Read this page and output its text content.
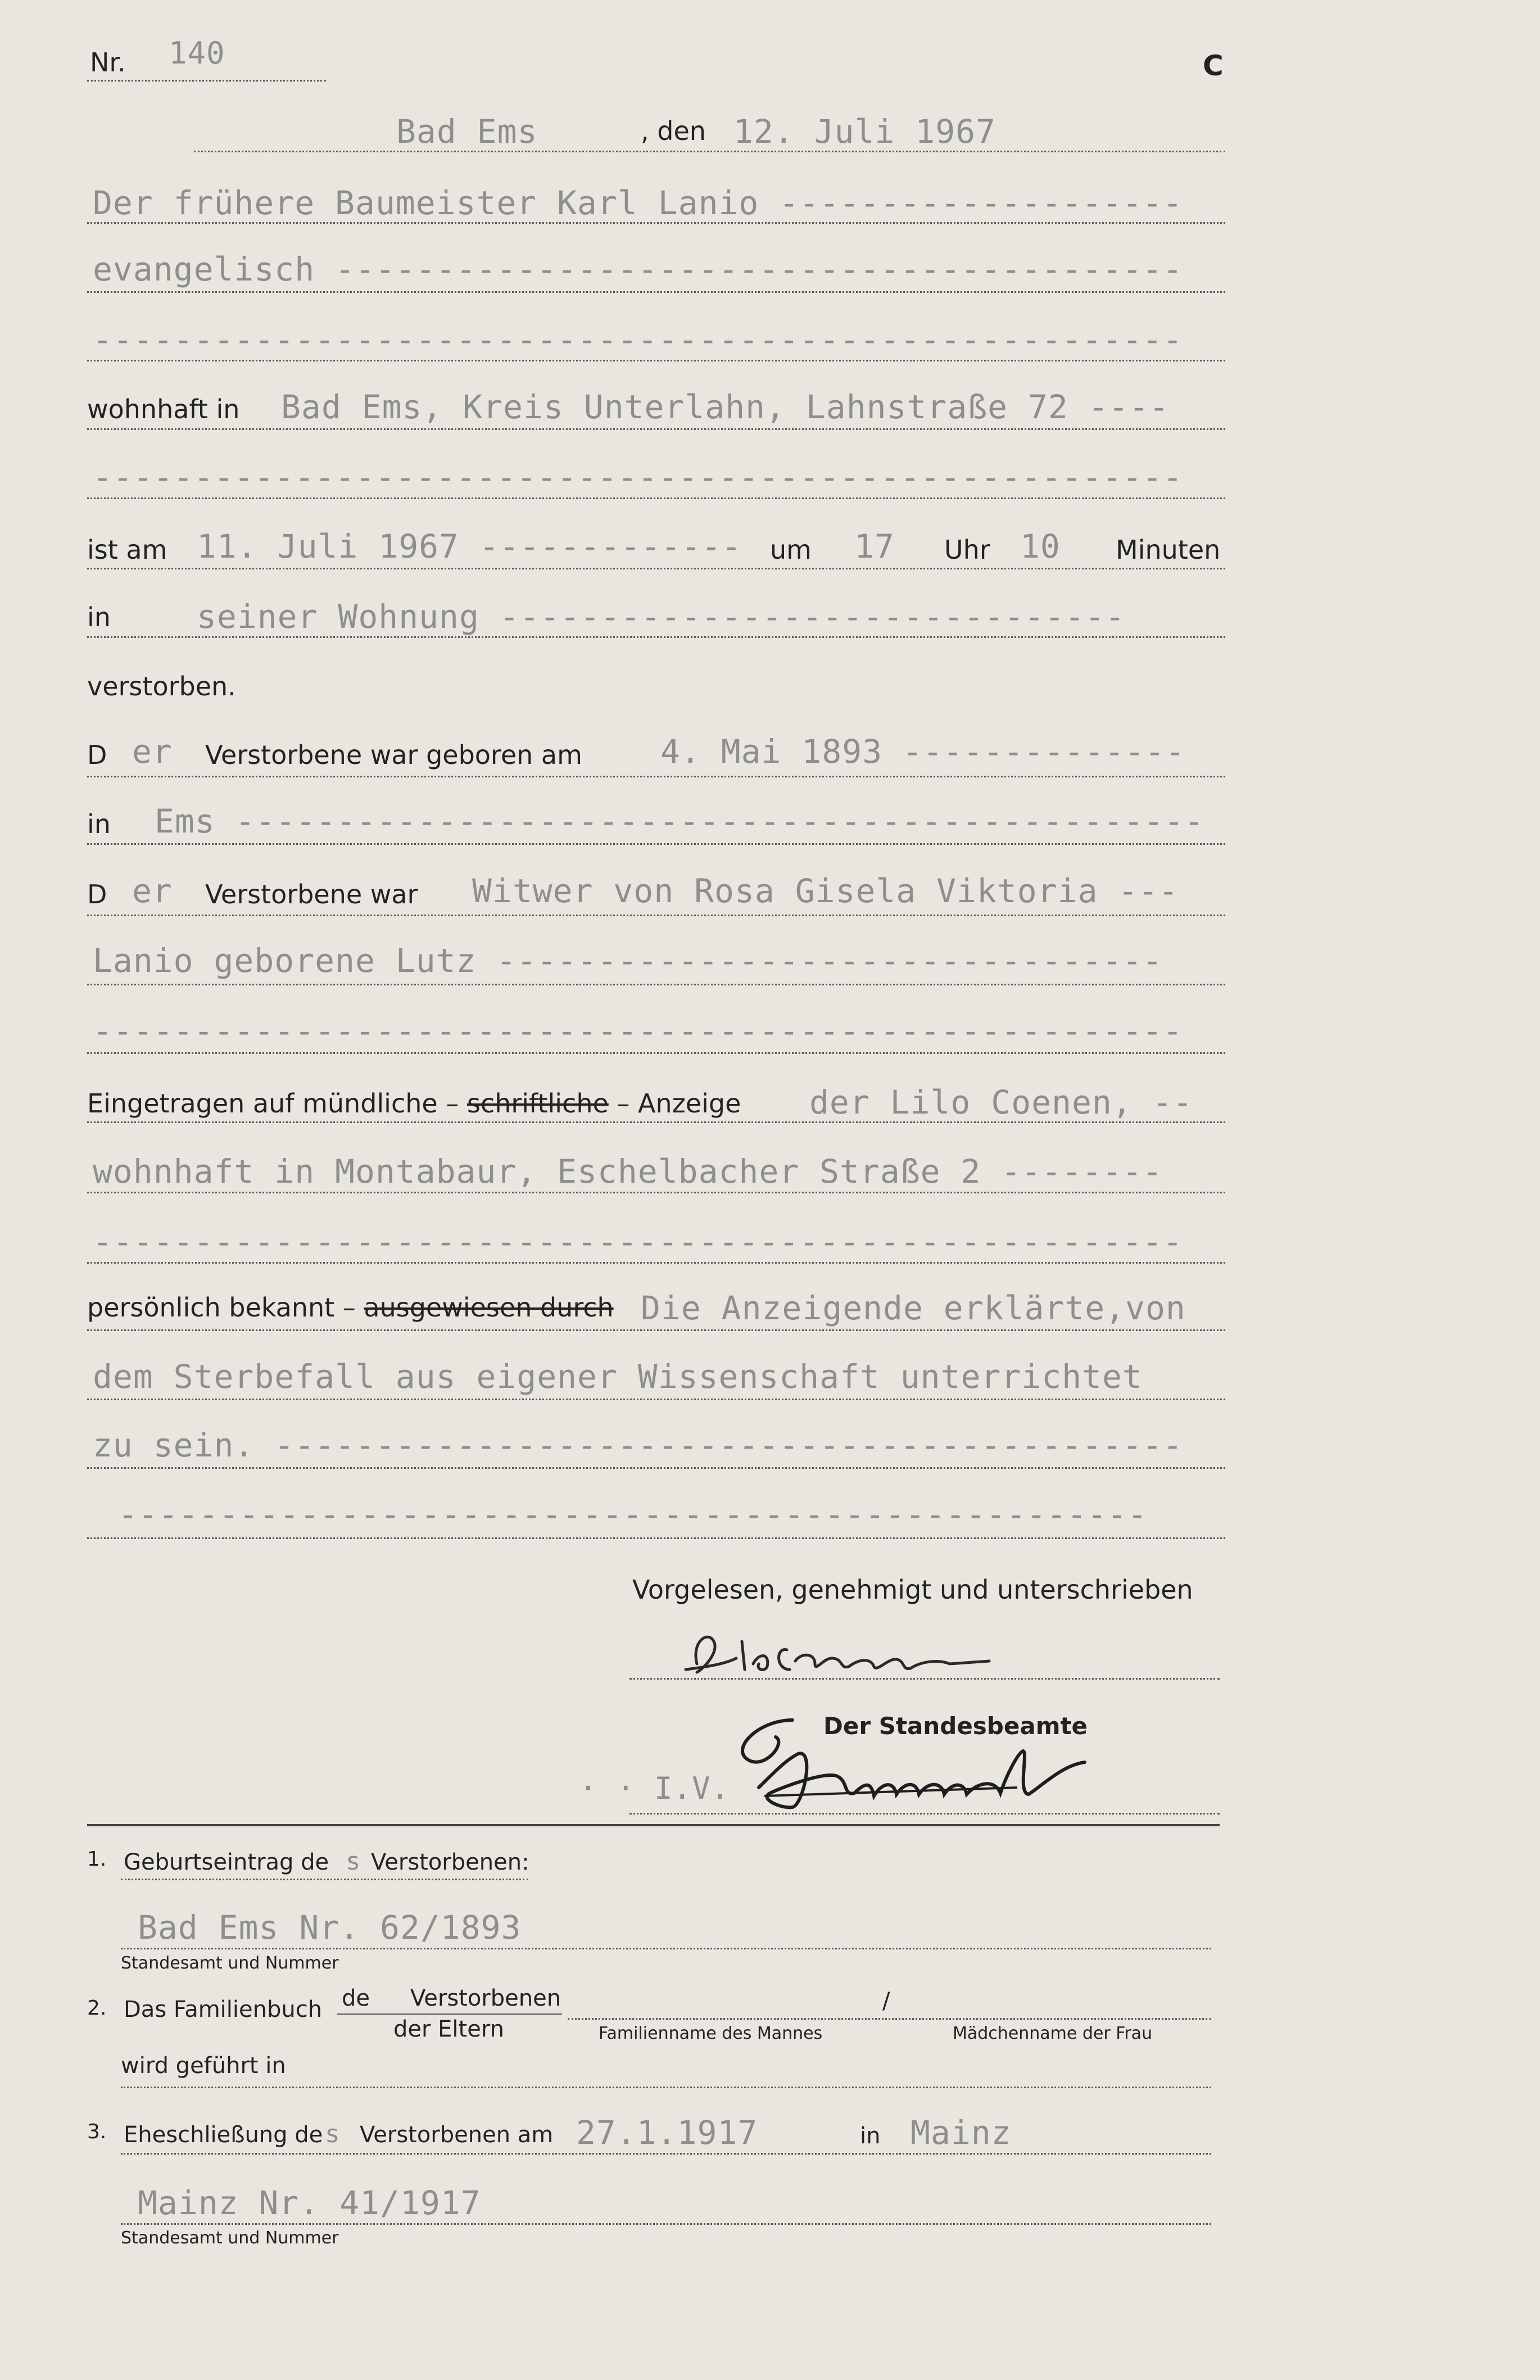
Nr. 140	C
Bad Ems	, den 12. Juli 1967
Der frühere Baumeister Karl Lanio --------------------
evangelisch ------------------------------------------
------------------------------------------------------
wohnhaft in Bad Ems, Kreis Unterlahn, Lahnstraße 72 ----
------------------------------------------------------
ist am 11. Juli 1967 ------------- um 17 Uhr 10 Minuten
in	seiner Wohnung -------------------------------
verstorben.
D er Verstorbene war geboren am 4. Mai 1893 --------------
in Ems ------------------------------------------------
D er Verstorbene war Witwer von Rosa Gisela Viktoria ---
Lanio geborene Lutz ---------------------------------
------------------------------------------------------
Eingetragen auf mündliche – schriftliche – Anzeige der Lilo Coenen, --
wohnhaft in Montabaur, Eschelbacher Straße 2 --------
------------------------------------------------------
persönlich bekannt – ausgewiesen durch Die Anzeigende erklärte,von
dem Sterbefall aus eigener Wissenschaft unterrichtet
zu sein. ---------------------------------------------
---------------------------------------------------
Vorgelesen, genehmigt und unterschrieben
Der Standesbeamte
· · I.V.
1. Geburtseintrag de s Verstorbenen:
Bad Ems Nr. 62/1893
Standesamt und Nummer
2. Das Familienbuch de Verstorbenen
der Eltern
/
Familienname des Mannes	Mädchenname der Frau
wird geführt in
3. Eheschließung de s Verstorbenen am 27.1.1917	in Mainz
Mainz Nr. 41/1917
Standesamt und Nummer
